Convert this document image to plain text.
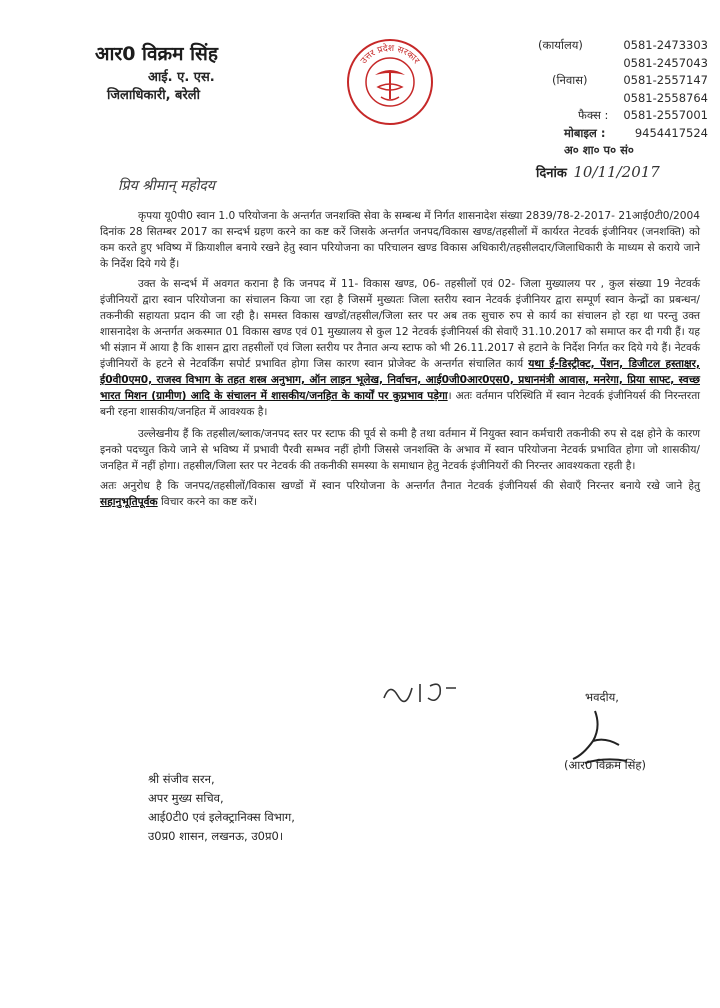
आर0 विक्रम सिंह
आई. ए. एस.
जिलाधिकारी, बरेली
उत्तर प्रदेश सरकार
(कार्यालय)	0581-2473303
0581-2457043
(निवास)	0581-2557147
0581-2558764
फैक्स : 0581-2557001
मोबाइल :	9454417524
अ० शा० प० सं०
दिनांक 10/11/2017
प्रिय श्रीमान् महोदय

कृपया यू0पी0 स्वान 1.0 परियोजना के अन्तर्गत जनशक्ति सेवा के सम्बन्ध में निर्गत शासनादेश संख्या 2839/78-2-2017- 21आई0टी0/2004 दिनांक 28 सितम्बर 2017 का सन्दर्भ ग्रहण करने का कष्ट करें जिसके अन्तर्गत जनपद/विकास खण्ड/तहसीलों में कार्यरत नेटवर्क इंजीनियर (जनशक्ति) को कम करते हुए भविष्य में क्रियाशील बनाये रखने हेतु स्वान परियोजना का परिचालन खण्ड विकास अधिकारी/तहसीलदार/जिलाधिकारी के माध्यम से कराये जाने के निर्देश दिये गये हैं।

उक्त के सन्दर्भ में अवगत कराना है कि जनपद में 11- विकास खण्ड, 06- तहसीलों एवं 02- जिला मुख्यालय पर , कुल संख्या 19 नेटवर्क इंजीनियरों द्वारा स्वान परियोजना का संचालन किया जा रहा है जिसमें मुख्यतः जिला स्तरीय स्वान नेटवर्क इंजीनियर द्वारा सम्पूर्ण स्वान केन्द्रों का प्रबन्धन/तकनीकी सहायता प्रदान की जा रही है। समस्त विकास खण्डों/तहसील/जिला स्तर पर अब तक सुचारु रुप से कार्य का संचालन हो रहा था परन्तु उक्त शासनादेश के अन्तर्गत अकस्मात 01 विकास खण्ड एवं 01 मुख्यालय से कुल 12 नेटवर्क इंजीनियर्स की सेवाएँ 31.10.2017 को समाप्त कर दी गयी हैं। यह भी संज्ञान में आया है कि शासन द्वारा तहसीलों एवं जिला स्तरीय पर तैनात अन्य स्टाफ को भी 26.11.2017 से हटाने के निर्देश निर्गत कर दिये गये हैं। नेटवर्क इंजीनियरों के हटने से नेटवर्किंग सपोर्ट प्रभावित होगा जिस कारण स्वान प्रोजेक्ट के अन्तर्गत संचालित कार्य यथा ई-डिस्ट्रीक्ट, पेंशन, डिजीटल हस्ताक्षर, ई0वी0एम0, राजस्व विभाग के तहत शस्त्र अनुभाग, ऑन लाइन भूलेख, निर्वाचन, आई0जी0आर0एस0, प्रधानमंत्री आवास, मनरेगा, प्रिया साफ्ट, स्वच्छ भारत मिशन (ग्रामीण) आदि के संचालन में शासकीय/जनहित के कार्यों पर कुप्रभाव पड़ेगा। अतः वर्तमान परिस्थिति में स्वान नेटवर्क इंजीनियर्स की निरन्तरता बनी रहना शासकीय/जनहित में आवश्यक है।

उल्लेखनीय हैं कि तहसील/ब्लाक/जनपद स्तर पर स्टाफ की पूर्व से कमी है तथा वर्तमान में नियुक्त स्वान कर्मचारी तकनीकी रुप से दक्ष होने के कारण इनको पदच्युत किये जाने से भविष्य में प्रभावी पैरवी सम्भव नहीं होगी जिससे जनशक्ति के अभाव में स्वान परियोजना नेटवर्क प्रभावित होगा जो शासकीय/जनहित में नहीं होगा। तहसील/जिला स्तर पर नेटवर्क की तकनीकी समस्या के समाधान हेतु नेटवर्क इंजीनियरों की निरन्तर आवश्यकता रहती है।

अतः अनुरोध है कि जनपद/तहसीलों/विकास खण्डों में स्वान परियोजना के अन्तर्गत तैनात नेटवर्क इंजीनियर्स की सेवाएँ निरन्तर बनाये रखे जाने हेतु सहानुभूतिपूर्वक विचार करने का कष्ट करें।

भवदीय,
(आर0 विक्रम सिंह)
श्री संजीव सरन,
अपर मुख्य सचिव,
आई0टी0 एवं इलेक्ट्रानिक्स विभाग,
उ0प्र0 शासन, लखनऊ, उ0प्र0।
